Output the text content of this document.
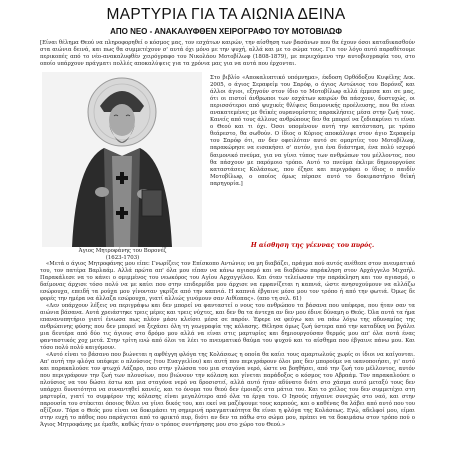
ΜΑΡΤΥΡΙΑ ΓΙΑ ΤΑ ΑΙΩΝΙΑ ΔΕΙΝΑ
ΑΠΟ ΝΕΟ - ΑΝΑΚΑΛΥΦΘΕΝ ΧΕΙΡΟΓΡΑΦΟ ΤΟΥ ΜΟΤΟΒΙΛΩΦ
[Είναι θέλημα Θεού να πληροφορηθεί ο κόσμος μας, τον εσχάτων καιρών, την αίσθηση των βασάνων που θα έχουν όσοι καταδικασθούν στα αιώνια δεινά, και πως θα συμμετέχουν σ' αυτά όχι μόνο με την ψυχή, αλλά και με το σώμα τους. Για τον λόγο αυτό παραθέτουμε περικοπές από το νέο-ανακαλυφθέν χειρόγραφο του Νικολάου Μοτοβίλωφ (1808-1879), με περιεχόμενο την αυτοβιογραφία του, στο οποίο υπάρχουν πράγματι πολλές αποκαλύψεις για τα χρόνια μας για να αυτά που έρχονται.
Στο βιβλίο «Αποκαλυπτικό υπόμνημα», έκδοση Ορθόδοξου Κυψέλης Δεκ. 2005, ο άγιος Σεραφείμ του Σαρόφ, ο άγιος Αντώνιος του Βορόνεζ και άλλοι άγιοι, εξηγούν στον ίδιο το Μοτοβίλωφ αλλά έμμεσα και σε μας, ότι οι πιστοί άνθρωποι των εσχάτων καιρών θα πάσχουν, δυστυχώς, οι περισσότεροι από ψυχικές θλίψεις δαιμονικής προέλευσης, που θα είναι ανακατεμένες με θεϊκές ουρανομίστες παρακλήσεις μέσα στην ζωή τους. Κανείς από τους άλλους ανθρώπους δεν θα μπορεί να ζεδιακρίνει τι είναι ο Θεού και τι όχι. Όσοι υπομένουν αυτή την κατάσταση, με τρόπο θεάρεστο, θα σωθούν. Ο ίδιος ο Κύριος αποκάλυψε στον άγιο Σεραφείμ του Σαρόφ ότι, αν δεν οφειλόταν αυτό σε ομαρτίες του Μοτοβίλωφ, παρακώρησε να εισακήσει σ' αυτόν, για ένα διάστημα, ένα πολύ ισχυρό δαιμονικό πνεύμα, για να γίνει τύπος των ανθρώπων του μέλλοντος, που θα πάσχουν με παρόμοιο τρόπο. Αυτό το πνεύμα έκλιμε δημιουργούσε καταστάσεις Κολάσεως, που έζησε και περιγράφει ο ίδιος ο παιδίν Μοτοβίλωφ, ο οποίος όμως πέρασε αυτό το δοκιμαστήριο θεϊκή παρηγορία.]
Άγιος Μητροφάνης του Βορονέζ
(1623-1703)
Η αίσθηση της γέεννας του πυρός.

«Μετά ο άγιος Μητροφάνης μου είπε: Γνωρίζεις τον Επίσκοπο Αντώνιο; να μη διαβάζει, πράγμα πού αυτός ανέθεσε στον πνευματικό του, τον πατέρα Βαρλαάμ. Αλλά πρώτα απ' όλα μου είπαν να κάνω αγιασμό και να διαβάσω παράκληση στον Αρχάγγελο Μιχαήλ. Παρακάλεσε να το κάνει ο ομιμμένος του νεωκόρος του Αγίου Αρχαγγέλου. Και όταν τελείωσαν την παράκληση και τον αγιασμό, ο δαίμονας άρχισε τόσο πολύ να με καίει που στην επιδερμίδα μου άρχισε να εμφανίζεται η καπνιά, ώστε ανησυχούμουν να αλλάζω εσώρουχα, επειδή τα ρούχα μου γίνονταν γκρίζα από την καπνιά. Η καπνιά έβγαινε μέσα μου τον τρόπο ή από την φωτιά. Όμως δε φορές την ημέρα να άλλαζα εσώρουχα, γιατί αλλιώς γινόμουν σαν Αιθίοπας». (απο τη σελ. 61)

«Δεν υπάρχουν λέξεις να περιγράψω και δεν μπορεί να φανταστεί ο νους του ανθρώπου τα βάσανα που υπέφερα, που ήταν σαν τα αιώνια βάσανα. Αυτά χρειάστηκε τρεις μέρες και τρεις νύχτες, και δεν θα τα άντεχα αν δεν μου έδινε δύναμη ο Θεός. Όλα αυτά τα ήμα επανανυπητήριο γιατί ένιωσα πως πλέον μάσυ κλείσει μέσα σε παρόν. Έφερε να φεύγω και να πάω λόγω της αδυναμίας της ανθρώπινης φύσης που δεν μπορεί να ξεχάσει όλη τη γεωγραφία της κόλασης. Θέλησα όμως ζωή ύστερα από την καταδίκη να βγάλει μια δευτέρα από δύο τις άγιους στο δρόμο μου αλλά να είναι στις μαρτυρίες και δημιουργούσαν θερμός μου απ' όλα αυτά ένας φανταστικός χοχ μετά. Στην τρίτη ενώ από όλοι τα λέει το πνευματικό θαύμα του ψυχού και το αίσθημα που έβγαινε πάνω μου. Και τόσο πολύ πολύ καιγόμουν.

«Αυτό είναι το βάσανο που βιώνεται η αφθέγγη φλόγα της Κολάσεως η οποία θα καίει τους αμαρτωλούς χωρίς οι ίδιοι να καίγονται. Απ' αυτή την φλόγα υπέφερε ο πλούσιος (του Ευαγγελίου) και αυτή που περιγράφουν όλοι μας δεν μπορούμε να ικανοποιήσει, γι' αυτό και παρακαλούσε τον φτωχό Λάζαρο, που στην γλώσσα του μια σταγόνα νερό, ώστε να βοηθήσει, από την ζωή του μέλλοντος, αυτόν που περιγράφουν την ζωή των πλουσίων, που βιώνουν την κόλαση και γίνεται παράδοξος ο κόσμος του Αβραάμ. Τον παρακαλούσε ο πλούσιος να του δώσει έστω και μια σταγόνα νερό να δροσιστεί, αλλά αυτό ήταν αδύνατο διότι στο χάσμα αυτό μεταξύ τους δεν υπάρχει δυνατότητα να συναντηθεί κανείς, και το όνομα του θεού δεν έμοιαζε στα μάτια του. Και το χείλος του δεν συμμετέχει στη μαρτυρία, γιατί το συμφέρον της κόλασης είναι μεγαλύτερο από όλα τα έργα του. Ο Ιησούς πήγαινε συνεχώς στο ναό, και στην παρουσία του στέκεται όποιος θέλει να γίνει δικός του, και εκεί να μαζέψουμε τους καρπούς, και ο καθένας θα λάβει από αυτό που του αξίζουν. Τόρα ο Θεός μου είναι να δοκιμάσει τη σημερινή πραγματικότητα θα είναι η φλόγα της Κολάσεως. Εγώ, αδελφοί μου, είμαι στην ευχή το πάθος που παράγεται από το φρικτό πυρ, διότι αν δεν τα πάθω στο σώμα μου, πρέπει να τα δοκιμάσω στον τρόπο πού ο Άγιος Μητροφάνης με έμαθε, καθώς ήταν ο τρόπος συντήρησης μου στο χώρο του Θεού.»
